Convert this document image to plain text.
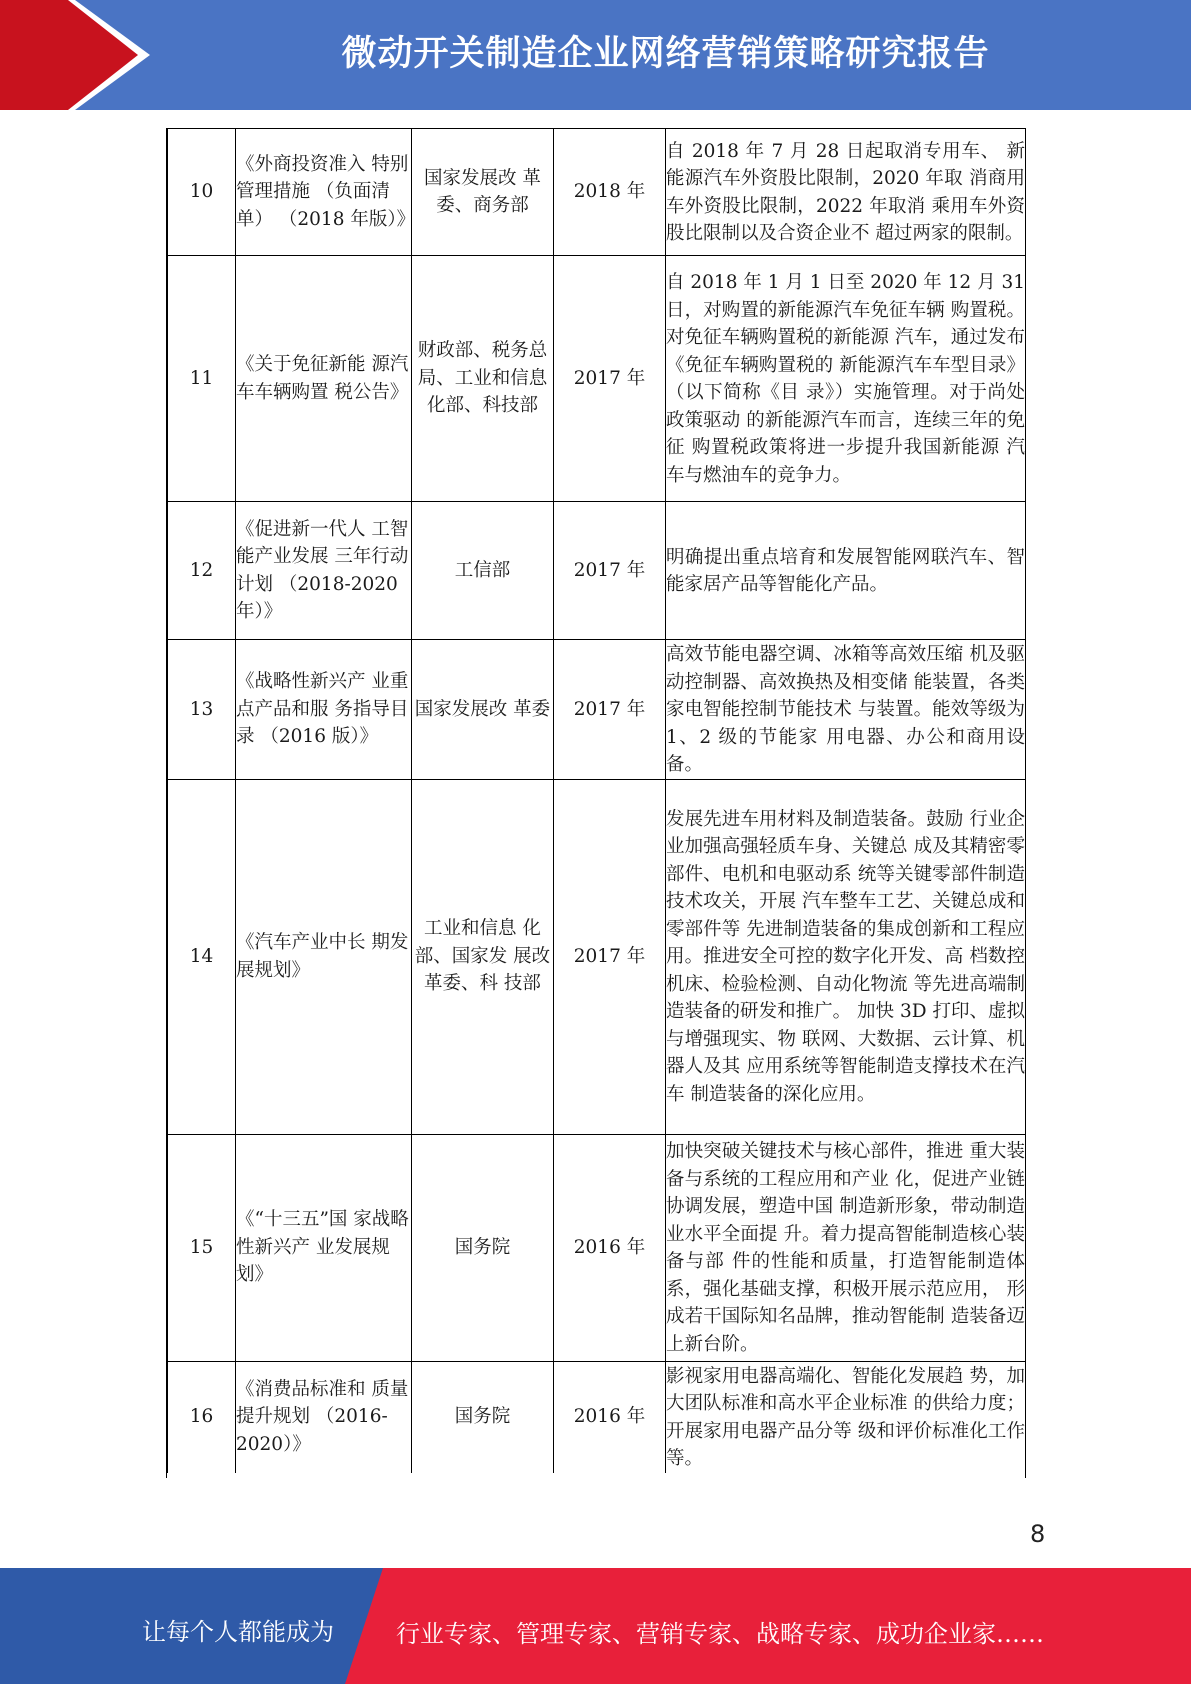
微动开关制造企业网络营销策略研究报告
10	《外商投资准入 特别管理措施 （负面清单） （2018 年版）》	国家发展改 革委、商务部	2018 年	自 2018 年 7 月 28 日起取消专用车、 新能源汽车外资股比限制，2020 年取 消商用车外资股比限制，2022 年取消 乘用车外资股比限制以及合资企业不 超过两家的限制。

11	《关于免征新能 源汽车车辆购置 税公告》	财政部、税务总局、工业和信息化部、科技部	2017 年	自 2018 年 1 月 1 日至 2020 年 12 月 31 日，对购置的新能源汽车免征车辆 购置税。对免征车辆购置税的新能源 汽车，通过发布《免征车辆购置税的 新能源汽车车型目录》（以下简称《目 录》）实施管理。对于尚处政策驱动 的新能源汽车而言，连续三年的免征 购置税政策将进一步提升我国新能源 汽车与燃油车的竞争力。

12	《促进新一代人 工智能产业发展 三年行动计划 （2018-2020 年）》	工信部	2017 年	明确提出重点培育和发展智能网联汽车、智能家居产品等智能化产品。

13	《战略性新兴产 业重点产品和服 务指导目录 （2016 版）》	国家发展改 革委	2017 年	高效节能电器空调、冰箱等高效压缩 机及驱动控制器、高效换热及相变储 能装置，各类家电智能控制节能技术 与装置。能效等级为 1、2 级的节能家 用电器、办公和商用设备。

14	《汽车产业中长 期发展规划》	工业和信息 化部、国家发 展改革委、科 技部	2017 年	发展先进车用材料及制造装备。鼓励 行业企业加强高强轻质车身、关键总 成及其精密零部件、电机和电驱动系 统等关键零部件制造技术攻关，开展 汽车整车工艺、关键总成和零部件等 先进制造装备的集成创新和工程应 用。推进安全可控的数字化开发、高 档数控机床、检验检测、自动化物流 等先进高端制造装备的研发和推广。 加快 3D 打印、虚拟与增强现实、物 联网、大数据、云计算、机器人及其 应用系统等智能制造支撑技术在汽车 制造装备的深化应用。

15	《“十三五”国 家战略性新兴产 业发展规划》	国务院	2016 年	加快突破关键技术与核心部件，推进 重大装备与系统的工程应用和产业 化，促进产业链协调发展，塑造中国 制造新形象，带动制造业水平全面提 升。着力提高智能制造核心装备与部 件的性能和质量，打造智能制造体系，强化基础支撑，积极开展示范应用， 形成若干国际知名品牌，推动智能制 造装备迈上新台阶。

16	《消费品标准和 质量提升规划 （2016-2020）》	国务院	2016 年	影视家用电器高端化、智能化发展趋 势，加大团队标准和高水平企业标准 的供给力度；开展家用电器产品分等 级和评价标准化工作等。
8
让每个人都能成为	行业专家、管理专家、营销专家、战略专家、成功企业家……
